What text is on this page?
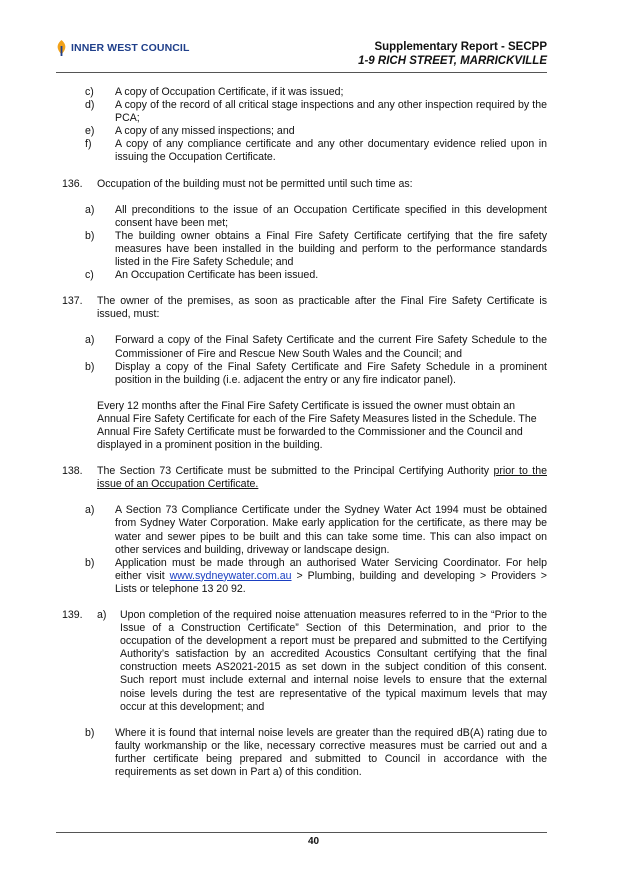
INNER WEST COUNCIL	Supplementary Report - SECPP
1-9 RICH STREET, MARRICKVILLE
c)	A copy of Occupation Certificate, if it was issued;
d)	A copy of the record of all critical stage inspections and any other inspection required by the PCA;
e)	A copy of any missed inspections; and
f)	A copy of any compliance certificate and any other documentary evidence relied upon in issuing the Occupation Certificate.
136.	Occupation of the building must not be permitted until such time as:
a)	All preconditions to the issue of an Occupation Certificate specified in this development consent have been met;
b)	The building owner obtains a Final Fire Safety Certificate certifying that the fire safety measures have been installed in the building and perform to the performance standards listed in the Fire Safety Schedule; and
c)	An Occupation Certificate has been issued.
137.	The owner of the premises, as soon as practicable after the Final Fire Safety Certificate is issued, must:
a)	Forward a copy of the Final Safety Certificate and the current Fire Safety Schedule to the Commissioner of Fire and Rescue New South Wales and the Council; and
b)	Display a copy of the Final Safety Certificate and Fire Safety Schedule in a prominent position in the building (i.e. adjacent the entry or any fire indicator panel).
Every 12 months after the Final Fire Safety Certificate is issued the owner must obtain an Annual Fire Safety Certificate for each of the Fire Safety Measures listed in the Schedule. The Annual Fire Safety Certificate must be forwarded to the Commissioner and the Council and displayed in a prominent position in the building.
138.	The Section 73 Certificate must be submitted to the Principal Certifying Authority prior to the issue of an Occupation Certificate.
a)	A Section 73 Compliance Certificate under the Sydney Water Act 1994 must be obtained from Sydney Water Corporation. Make early application for the certificate, as there may be water and sewer pipes to be built and this can take some time. This can also impact on other services and building, driveway or landscape design.
b)	Application must be made through an authorised Water Servicing Coordinator. For help either visit www.sydneywater.com.au > Plumbing, building and developing > Providers > Lists or telephone 13 20 92.
139.	a)	Upon completion of the required noise attenuation measures referred to in the “Prior to the Issue of a Construction Certificate” Section of this Determination, and prior to the occupation of the development a report must be prepared and submitted to the Certifying Authority’s satisfaction by an accredited Acoustics Consultant certifying that the final construction meets AS2021-2015 as set down in the subject condition of this consent. Such report must include external and internal noise levels to ensure that the external noise levels during the test are representative of the typical maximum levels that may occur at this development; and
b)	Where it is found that internal noise levels are greater than the required dB(A) rating due to faulty workmanship or the like, necessary corrective measures must be carried out and a further certificate being prepared and submitted to Council in accordance with the requirements as set down in Part a) of this condition.
40
